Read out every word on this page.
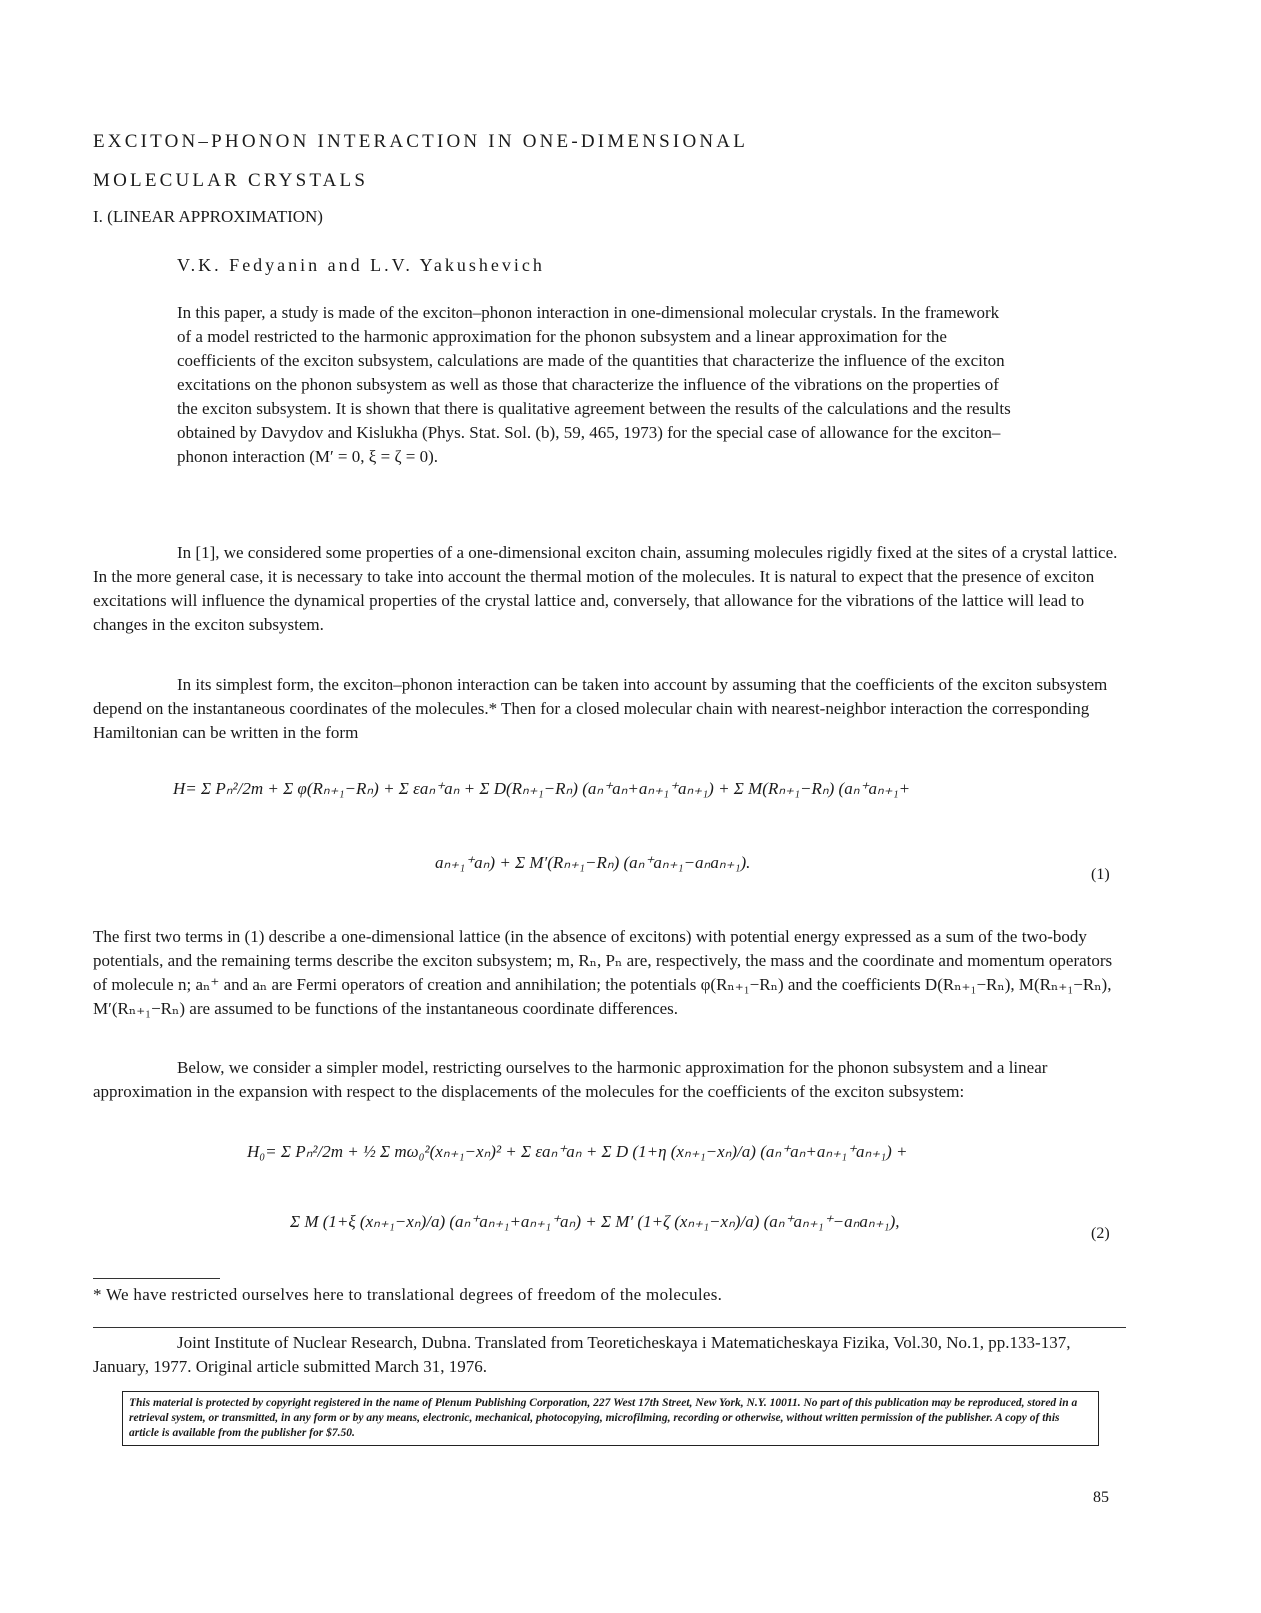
EXCITON–PHONON INTERACTION IN ONE-DIMENSIONAL
MOLECULAR CRYSTALS
I. (LINEAR APPROXIMATION)
V.K. Fedyanin and L.V. Yakushevich

In this paper, a study is made of the exciton–phonon interaction in one-dimensional molecular crystals. In the framework of a model restricted to the harmonic approximation for the phonon subsystem and a linear approximation for the coefficients of the exciton subsystem, calculations are made of the quantities that characterize the influence of the exciton excitations on the phonon subsystem as well as those that characterize the influence of the vibrations on the properties of the exciton subsystem. It is shown that there is qualitative agreement between the results of the calculations and the results obtained by Davydov and Kislukha (Phys. Stat. Sol. (b), 59, 465, 1973) for the special case of allowance for the exciton–phonon interaction (M′ = 0, ξ = ζ = 0).

In [1], we considered some properties of a one-dimensional exciton chain, assuming molecules rigidly fixed at the sites of a crystal lattice. In the more general case, it is necessary to take into account the thermal motion of the molecules. It is natural to expect that the presence of exciton excitations will influence the dynamical properties of the crystal lattice and, conversely, that allowance for the vibrations of the lattice will lead to changes in the exciton subsystem.

In its simplest form, the exciton–phonon interaction can be taken into account by assuming that the coefficients of the exciton subsystem depend on the instantaneous coordinates of the molecules.* Then for a closed molecular chain with nearest-neighbor interaction the corresponding Hamiltonian can be written in the form

H= Σ Pₙ²/2m + Σ φ(Rₙ₊₁−Rₙ) + Σ εaₙ⁺aₙ + Σ D(Rₙ₊₁−Rₙ) (aₙ⁺aₙ+aₙ₊₁⁺aₙ₊₁) + Σ M(Rₙ₊₁−Rₙ) (aₙ⁺aₙ₊₁+
aₙ₊₁⁺aₙ) + Σ M′(Rₙ₊₁−Rₙ) (aₙ⁺aₙ₊₁−aₙaₙ₊₁).
(1)

The first two terms in (1) describe a one-dimensional lattice (in the absence of excitons) with potential energy expressed as a sum of the two-body potentials, and the remaining terms describe the exciton subsystem; m, Rₙ, Pₙ are, respectively, the mass and the coordinate and momentum operators of molecule n; aₙ⁺ and aₙ are Fermi operators of creation and annihilation; the potentials φ(Rₙ₊₁−Rₙ) and the coefficients D(Rₙ₊₁−Rₙ), M(Rₙ₊₁−Rₙ), M′(Rₙ₊₁−Rₙ) are assumed to be functions of the instantaneous coordinate differences.

Below, we consider a simpler model, restricting ourselves to the harmonic approximation for the phonon subsystem and a linear approximation in the expansion with respect to the displacements of the molecules for the coefficients of the exciton subsystem:

H₀= Σ Pₙ²/2m + ½ Σ mω₀²(xₙ₊₁−xₙ)² + Σ εaₙ⁺aₙ + Σ D (1+η (xₙ₊₁−xₙ)/a) (aₙ⁺aₙ+aₙ₊₁⁺aₙ₊₁) +
Σ M (1+ξ (xₙ₊₁−xₙ)/a) (aₙ⁺aₙ₊₁+aₙ₊₁⁺aₙ) + Σ M′ (1+ζ (xₙ₊₁−xₙ)/a) (aₙ⁺aₙ₊₁⁺−aₙaₙ₊₁),
(2)
* We have restricted ourselves here to translational degrees of freedom of the molecules.

Joint Institute of Nuclear Research, Dubna. Translated from Teoreticheskaya i Matematicheskaya Fizika, Vol.30, No.1, pp.133-137, January, 1977. Original article submitted March 31, 1976.

This material is protected by copyright registered in the name of Plenum Publishing Corporation, 227 West 17th Street, New York, N.Y. 10011. No part of this publication may be reproduced, stored in a retrieval system, or transmitted, in any form or by any means, electronic, mechanical, photocopying, microfilming, recording or otherwise, without written permission of the publisher. A copy of this article is available from the publisher for $7.50.
85
